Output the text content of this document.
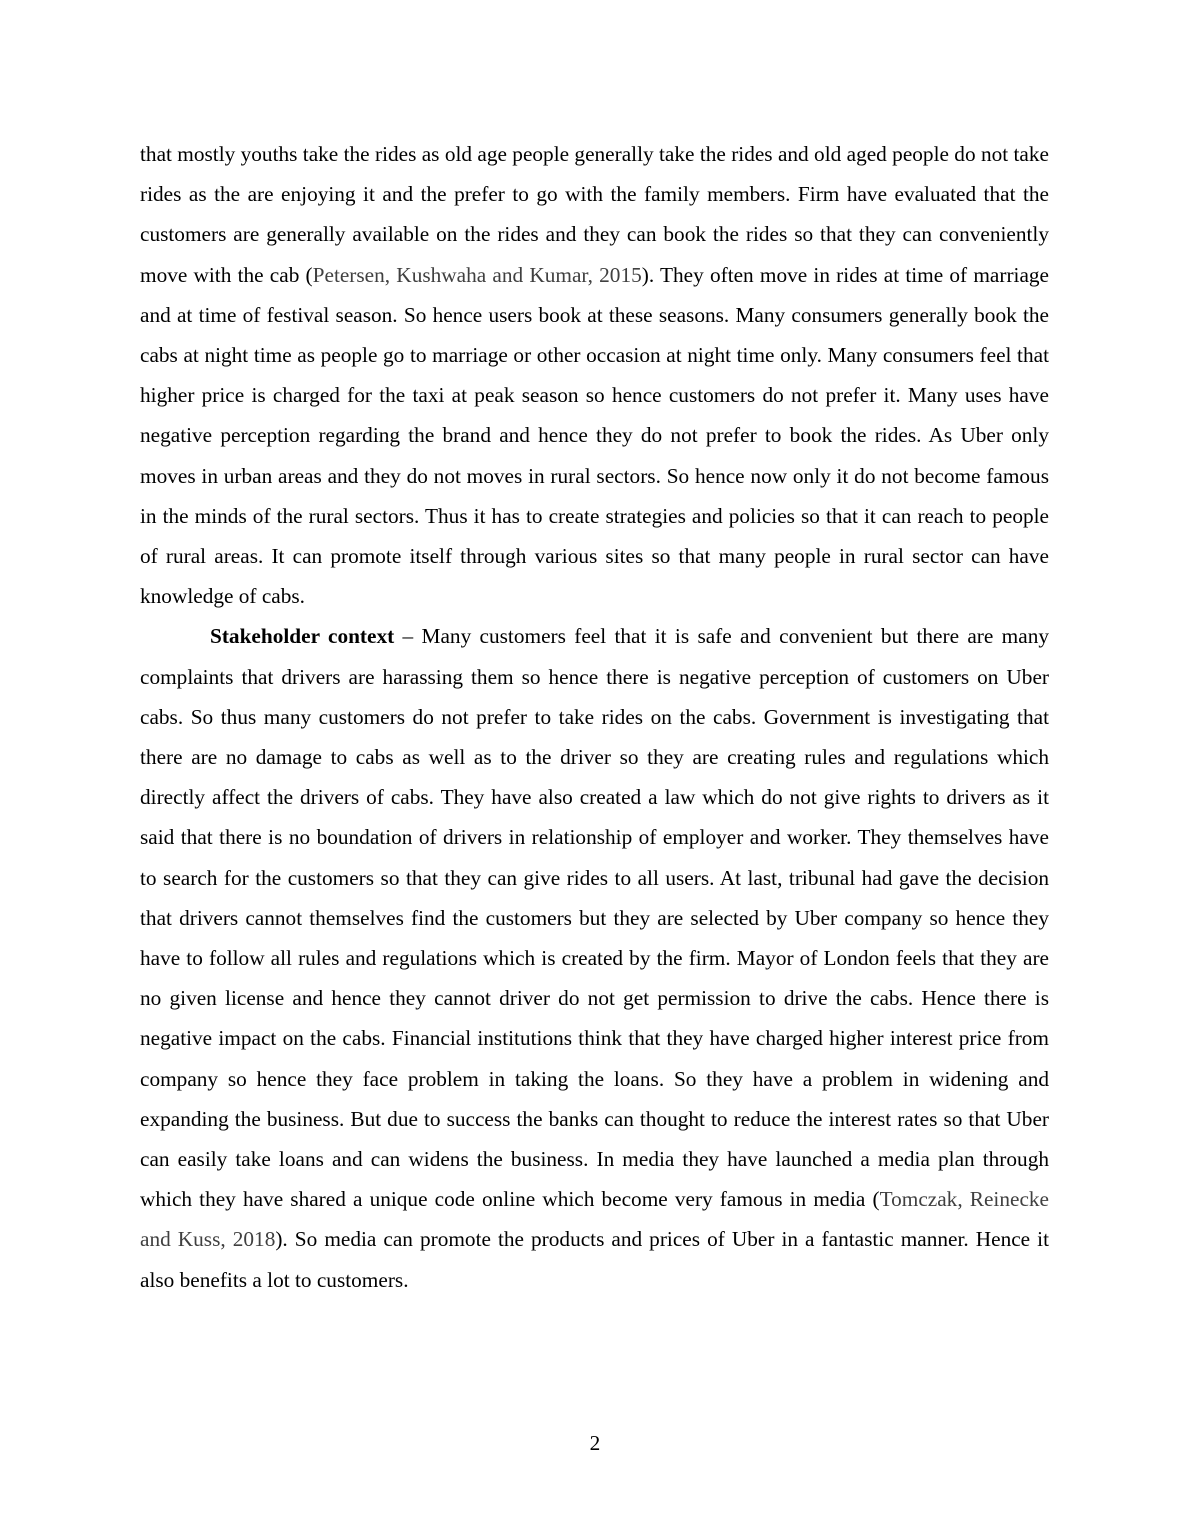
that mostly youths take the rides as old age people generally take the rides and old aged people do not take rides as the are enjoying it and the prefer to go with the family members. Firm have evaluated that the customers are generally available on the rides and they can book the rides so that they can conveniently move with the cab (Petersen, Kushwaha and Kumar, 2015). They often move in rides at time of marriage and at time of festival season. So hence users book at these seasons. Many consumers generally book the cabs at night time as people go to marriage or other occasion at night time only. Many consumers feel that higher price is charged for the taxi at peak season so hence customers do not prefer it. Many uses have negative perception regarding the brand and hence they do not prefer to book the rides. As Uber only moves in urban areas and they do not moves in rural sectors. So hence now only it do not become famous in the minds of the rural sectors. Thus it has to create strategies and policies so that it can reach to people of rural areas. It can promote itself through various sites so that many people in rural sector can have knowledge of cabs.

Stakeholder context – Many customers feel that it is safe and convenient but there are many complaints that drivers are harassing them so hence there is negative perception of customers on Uber cabs. So thus many customers do not prefer to take rides on the cabs. Government is investigating that there are no damage to cabs as well as to the driver so they are creating rules and regulations which directly affect the drivers of cabs. They have also created a law which do not give rights to drivers as it said that there is no boundation of drivers in relationship of employer and worker. They themselves have to search for the customers so that they can give rides to all users. At last, tribunal had gave the decision that drivers cannot themselves find the customers but they are selected by Uber company so hence they have to follow all rules and regulations which is created by the firm. Mayor of London feels that they are no given license and hence they cannot driver do not get permission to drive the cabs. Hence there is negative impact on the cabs. Financial institutions think that they have charged higher interest price from company so hence they face problem in taking the loans. So they have a problem in widening and expanding the business. But due to success the banks can thought to reduce the interest rates so that Uber can easily take loans and can widens the business. In media they have launched a media plan through which they have shared a unique code online which become very famous in media (Tomczak, Reinecke and Kuss, 2018). So media can promote the products and prices of Uber in a fantastic manner. Hence it also benefits a lot to customers.

2
